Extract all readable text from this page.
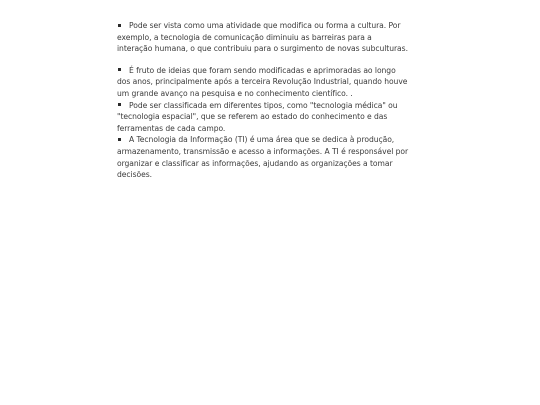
Pode ser vista como uma atividade que modifica ou forma a cultura. Por exemplo, a tecnologia de comunicação diminuiu as barreiras para a interação humana, o que contribuiu para o surgimento de novas subculturas.
É fruto de ideias que foram sendo modificadas e aprimoradas ao longo dos anos, principalmente após a terceira Revolução Industrial, quando houve um grande avanço na pesquisa e no conhecimento científico. .
Pode ser classificada em diferentes tipos, como "tecnologia médica" ou "tecnologia espacial", que se referem ao estado do conhecimento e das ferramentas de cada campo.
A Tecnologia da Informação (TI) é uma área que se dedica à produção, armazenamento, transmissão e acesso a informações. A TI é responsável por organizar e classificar as informações, ajudando as organizações a tomar decisões.
